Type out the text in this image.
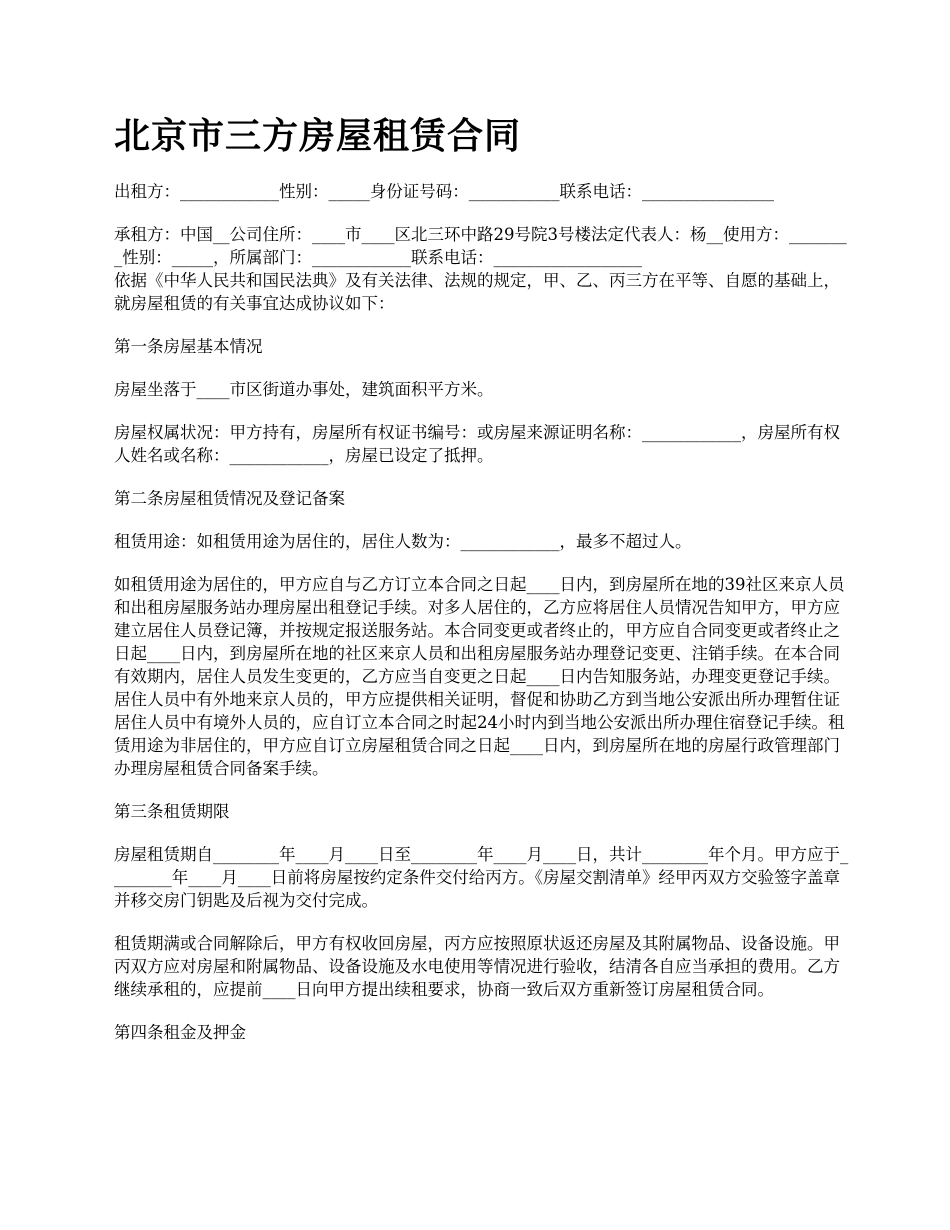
北京市三方房屋租赁合同

出租方：____________性别：_____身份证号码：___________联系电话：________________

承租方：中国__公司住所：____市____区北三环中路29号院3号楼法定代表人：杨__使用方：________性别：_____，所属部门：____________联系电话：__________________

依据《中华人民共和国民法典》及有关法律、法规的规定，甲、乙、丙三方在平等、自愿的基础上，就房屋租赁的有关事宜达成协议如下：

第一条房屋基本情况

房屋坐落于____市区街道办事处，建筑面积平方米。

房屋权属状况：甲方持有，房屋所有权证书编号：或房屋来源证明名称：____________，房屋所有权人姓名或名称：____________，房屋已设定了抵押。

第二条房屋租赁情况及登记备案

租赁用途：如租赁用途为居住的，居住人数为：____________，最多不超过人。

如租赁用途为居住的，甲方应自与乙方订立本合同之日起____日内，到房屋所在地的39社区来京人员和出租房屋服务站办理房屋出租登记手续。对多人居住的，乙方应将居住人员情况告知甲方，甲方应建立居住人员登记簿，并按规定报送服务站。本合同变更或者终止的，甲方应自合同变更或者终止之日起____日内，到房屋所在地的社区来京人员和出租房屋服务站办理登记变更、注销手续。在本合同有效期内，居住人员发生变更的，乙方应当自变更之日起____日内告知服务站，办理变更登记手续。居住人员中有外地来京人员的，甲方应提供相关证明，督促和协助乙方到当地公安派出所办理暂住证居住人员中有境外人员的，应自订立本合同之时起24小时内到当地公安派出所办理住宿登记手续。租赁用途为非居住的，甲方应自订立房屋租赁合同之日起____日内，到房屋所在地的房屋行政管理部门办理房屋租赁合同备案手续。

第三条租赁期限

房屋租赁期自________年____月____日至________年____月____日，共计________年个月。甲方应于________年____月____日前将房屋按约定条件交付给丙方。《房屋交割清单》经甲丙双方交验签字盖章并移交房门钥匙及后视为交付完成。

租赁期满或合同解除后，甲方有权收回房屋，丙方应按照原状返还房屋及其附属物品、设备设施。甲丙双方应对房屋和附属物品、设备设施及水电使用等情况进行验收，结清各自应当承担的费用。乙方继续承租的，应提前____日向甲方提出续租要求，协商一致后双方重新签订房屋租赁合同。

第四条租金及押金
